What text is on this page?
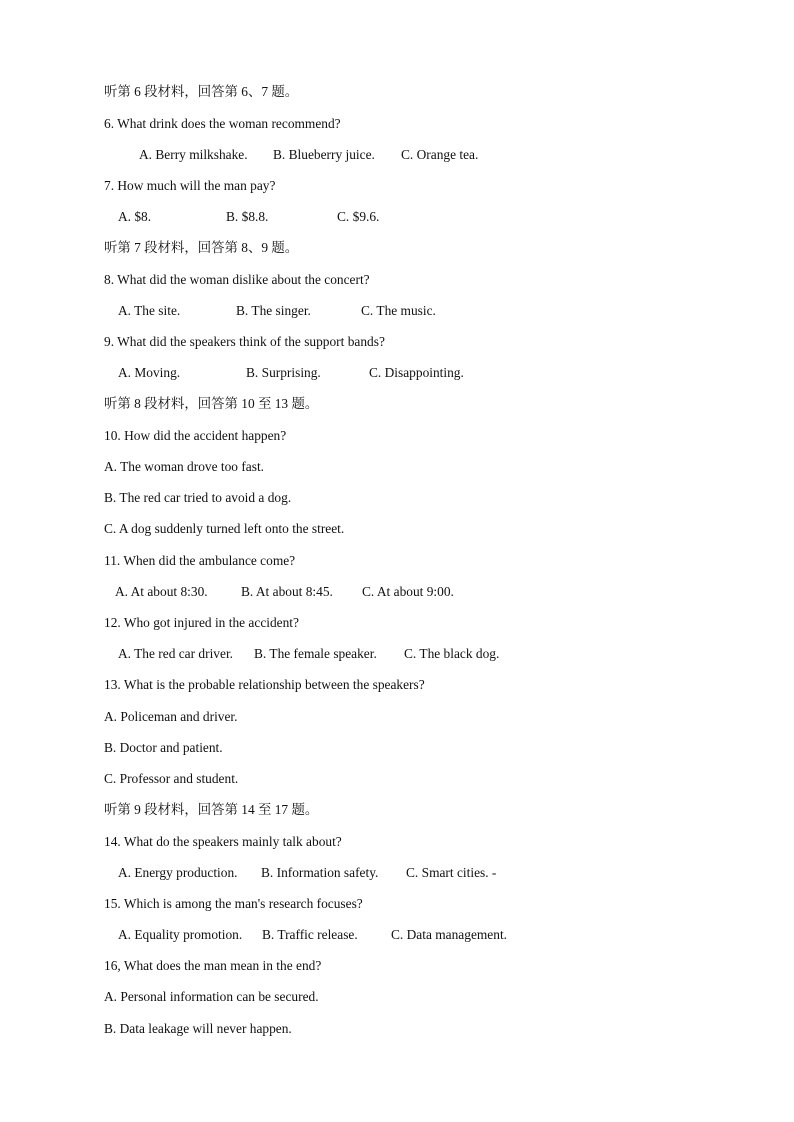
听第 6 段材料，回答第 6、7 题。
6. What drink does the woman recommend?
A. Berry milkshake. B. Blueberry juice. C. Orange tea.
7. How much will the man pay?
A. $8.	B. $8.8.	C. $9.6.
听第 7 段材料，回答第 8、9 题。
8. What did the woman dislike about the concert?
A. The site.	B. The singer.	C. The music.
9. What did the speakers think of the support bands?
A. Moving.	B. Surprising.	C. Disappointing.
听第 8 段材料，回答第 10 至 13 题。
10. How did the accident happen?
A. The woman drove too fast.
B. The red car tried to avoid a dog.
C. A dog suddenly turned left onto the street.
11. When did the ambulance come?
A. At about 8:30. B. At about 8:45. C. At about 9:00.
12. Who got injured in the accident?
A. The red car driver. B. The female speaker. C. The black dog.
13. What is the probable relationship between the speakers?
A. Policeman and driver.
B. Doctor and patient.
C. Professor and student.
听第 9 段材料，回答第 14 至 17 题。
14. What do the speakers mainly talk about?
A. Energy production. B. Information safety. C. Smart cities. -
15. Which is among the man's research focuses?
A. Equality promotion. B. Traffic release. C. Data management.
16, What does the man mean in the end?
A. Personal information can be secured.
B. Data leakage will never happen.
